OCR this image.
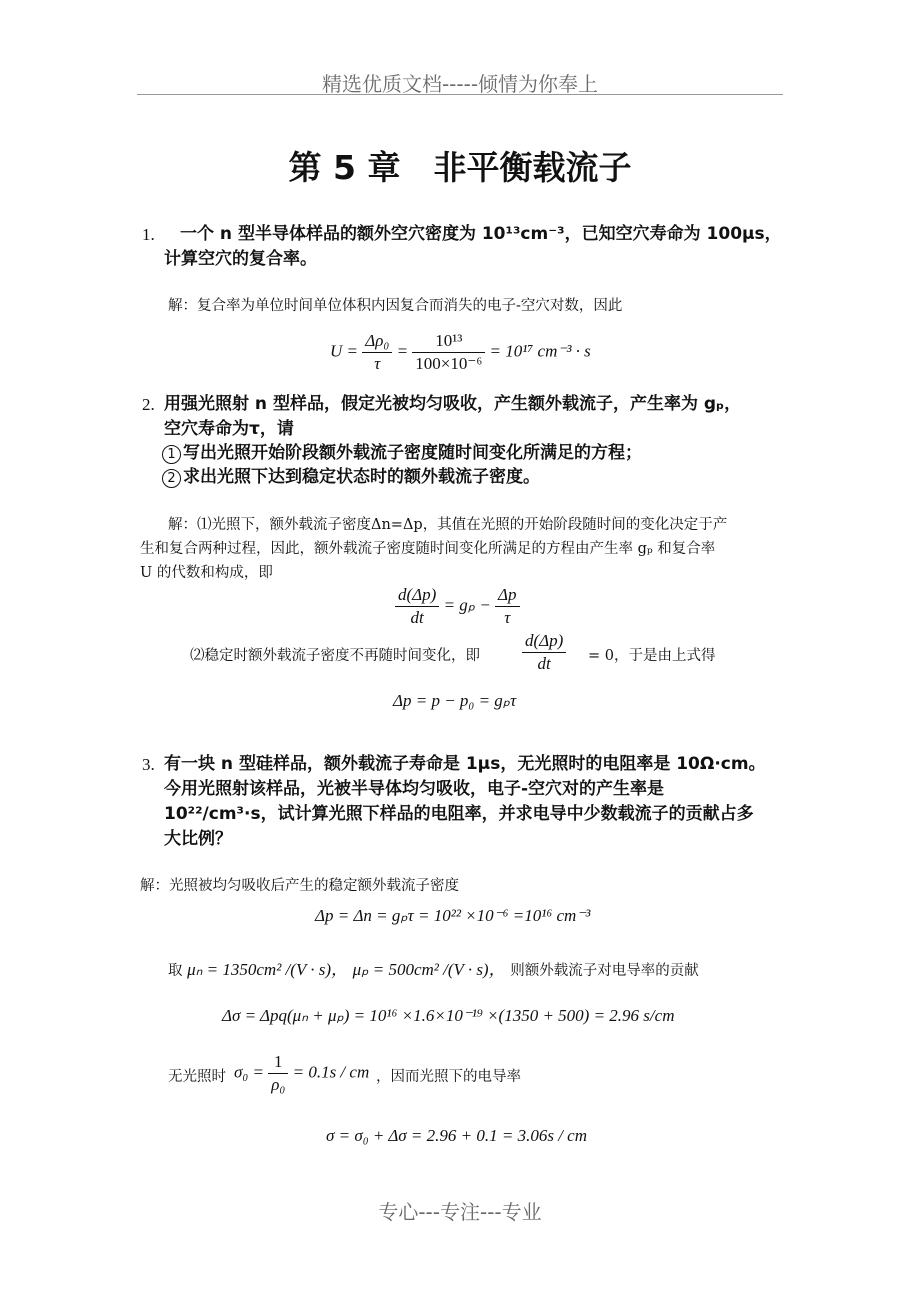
精选优质文档-----倾情为你奉上
第 5 章　非平衡载流子
1. 一个 n 型半导体样品的额外空穴密度为 10¹³cm⁻³，已知空穴寿命为 100μs，
计算空穴的复合率。
解：复合率为单位时间单位体积内因复合而消失的电子-空穴对数，因此
$U = \frac{\text{Δρ₀}}{\tau} = \frac{\text{10¹³}}{\text{100×10⁻⁶}} = 10^{17}$ cm⁻³ · s
2. 用强光照射 n 型样品，假定光被均匀吸收，产生额外载流子，产生率为 gₚ，
空穴寿命为τ，请
1 写出光照开始阶段额外载流子密度随时间变化所满足的方程；
2 求出光照下达到稳定状态时的额外载流子密度。
解：⑴光照下，额外载流子密度Δn=Δp，其值在光照的开始阶段随时间的变化决定于产
生和复合两种过程，因此，额外载流子密度随时间变化所满足的方程由产生率 gₚ 和复合率
U 的代数和构成，即
$\frac{d(\Delta p)}{dt} = g_p - \frac{\Delta p}{\tau}$
⑵稳定时额外载流子密度不再随时间变化，即 $\frac{d(\Delta p)}{dt} = 0$，于是由上式得
Δp = p − p₀ = gₚτ
3. 有一块 n 型硅样品，额外载流子寿命是 1μs，无光照时的电阻率是 10Ω·cm。
今用光照射该样品，光被半导体均匀吸收，电子-空穴对的产生率是
10²²/cm³·s，试计算光照下样品的电阻率，并求电导中少数载流子的贡献占多
大比例？
解：光照被均匀吸收后产生的稳定额外载流子密度
Δp = Δn = gₚτ = 10²² ×10⁻⁶ =10¹⁶ cm⁻³
取 μₙ = 1350cm² /(V · s)， μₚ = 500cm² /(V · s)， 则额外载流子对电导率的贡献
Δσ = Δpq(μₙ + μₚ) = 10¹⁶ ×1.6×10⁻¹⁹ ×(1350 + 500) = 2.96 s/cm
无光照时 $\sigma_0 = \frac{1}{\text{ρ₀}} = 0.1s$ / cm ，因而光照下的电导率
σ = σ₀ + Δσ = 2.96 + 0.1 = 3.06s / cm
专心---专注---专业
